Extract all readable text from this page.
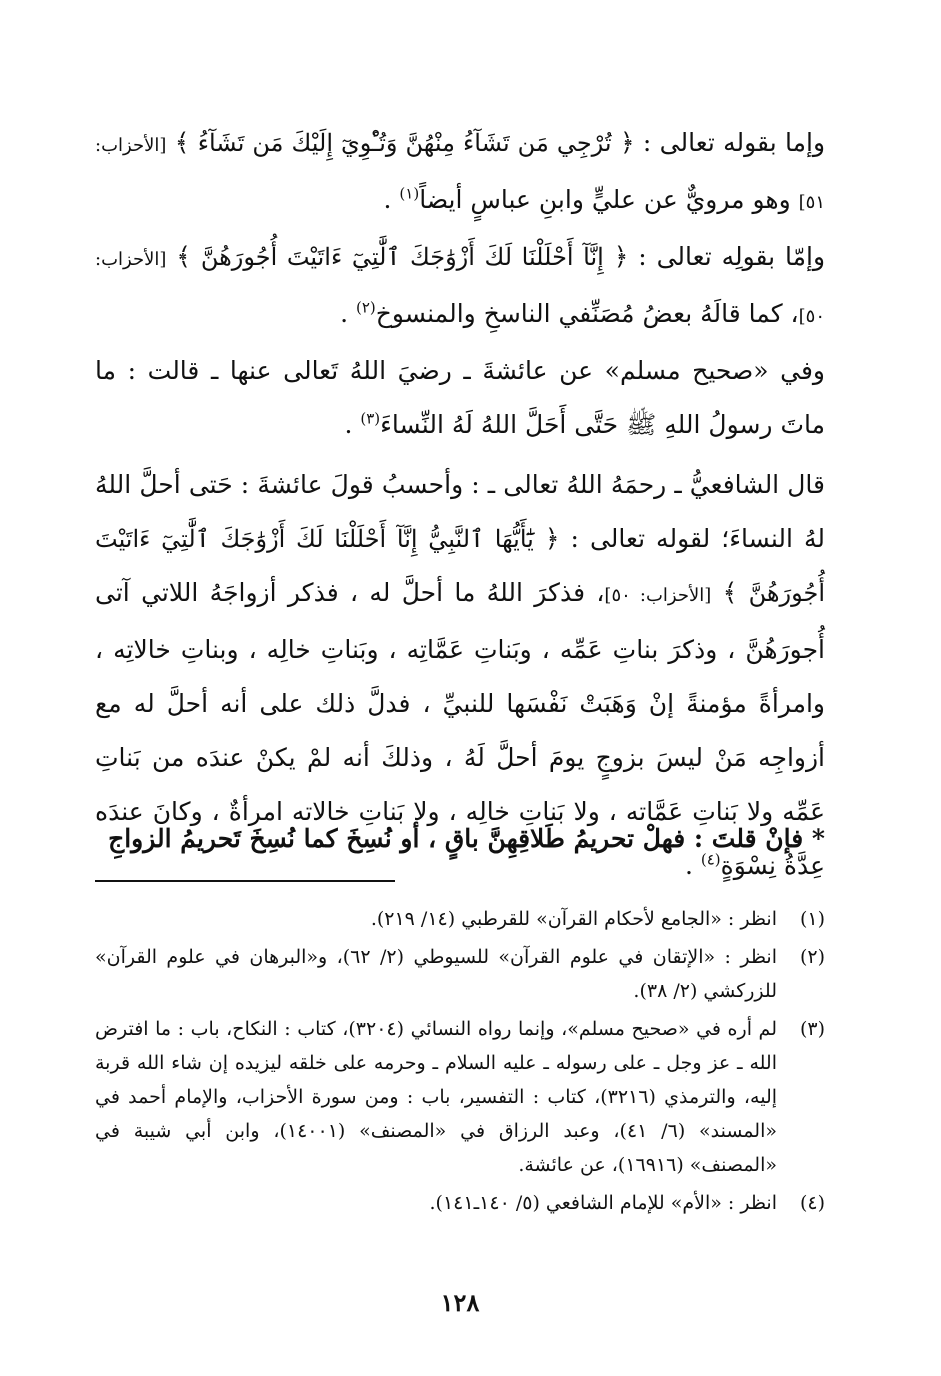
وإما بقوله تعالى : ﴿ تُرْجِي مَن تَشَآءُ مِنْهُنَّ وَتُـْٔوِيٓ إِلَيْكَ مَن تَشَآءُ ﴾ [الأحزاب: ٥١] وهو مرويٌّ عن عليٍّ وابنِ عباسٍ أيضاً$^{(١)}$ .

وإمّا بقولِه تعالى : ﴿ إِنَّآ أَحْلَلْنَا لَكَ أَزْوَٰجَكَ ٱلَّٰتِيٓ ءَاتَيْتَ أُجُورَهُنَّ ﴾ [الأحزاب: ٥٠]، كما قالَهُ بعضُ مُصَنِّفي الناسخِ والمنسوخ$^{(٢)}$ .

وفي «صحيح مسلم» عن عائشةَ ـ رضيَ اللهُ تَعالى عنها ـ قالت : ما ماتَ رسولُ اللهِ ﷺ حَتَّى أَحَلَّ اللهُ لَهُ النِّساءَ$^{(٣)}$ .

قال الشافعيُّ ـ رحمَهُ اللهُ تعالى ـ : وأحسبُ قولَ عائشةَ : حَتى أحلَّ اللهُ لهُ النساءَ؛ لقوله تعالى : ﴿ يَٰٓأَيُّهَا ٱلنَّبِيُّ إِنَّآ أَحْلَلْنَا لَكَ أَزْوَٰجَكَ ٱلَّٰتِيٓ ءَاتَيْتَ أُجُورَهُنَّ ﴾ [الأحزاب: ٥٠]، فذكرَ اللهُ ما أحلَّ له ، فذكر أزواجَهُ اللاتي آتى أُجورَهُنَّ ، وذكرَ بناتِ عَمِّه ، وبَناتِ عَمَّاتِه ، وبَناتِ خالِه ، وبناتِ خالاتِه ، وامرأةً مؤمنةً إنْ وَهَبَتْ نَفْسَها للنبيِّ ، فدلَّ ذلك على أنه أحلَّ له مع أزواجِه مَنْ ليسَ بزوجٍ يومَ أحلَّ لَهُ ، وذلكَ أنه لمْ يكنْ عندَه من بَناتِ عَمِّه ولا بَناتِ عَمَّاته ، ولا بَناتِ خالِه ، ولا بَناتِ خالاته امرأةٌ ، وكانَ عندَه عِدَّةُ نِسْوَةٍ$^{(٤)}$ .

* فإنْ قلتَ : فهلْ تحريمُ طَلاقِهِنَّ باقٍ ، أو نُسِخَ كما نُسِخَ تَحريمُ الزواجِ

(١)
انظر : «الجامع لأحكام القرآن» للقرطبي (١٤/ ٢١٩).
(٢)
انظر : «الإتقان في علوم القرآن» للسيوطي (٢/ ٦٢)، و«البرهان في علوم القرآن» للزركشي (٢/ ٣٨).
(٣)
لم أره في «صحيح مسلم»، وإنما رواه النسائي (٣٢٠٤)، كتاب : النكاح، باب : ما افترض الله ـ عز وجل ـ على رسوله ـ عليه السلام ـ وحرمه على خلقه ليزيده إن شاء الله قربة إليه، والترمذي (٣٢١٦)، كتاب : التفسير، باب : ومن سورة الأحزاب، والإمام أحمد في «المسند» (٦/ ٤١)، وعبد الرزاق في «المصنف» (١٤٠٠١)، وابن أبي شيبة في «المصنف» (١٦٩١٦)، عن عائشة.
(٤)
انظر : «الأم» للإمام الشافعي (٥/ ١٤٠ـ١٤١).
١٢٨
